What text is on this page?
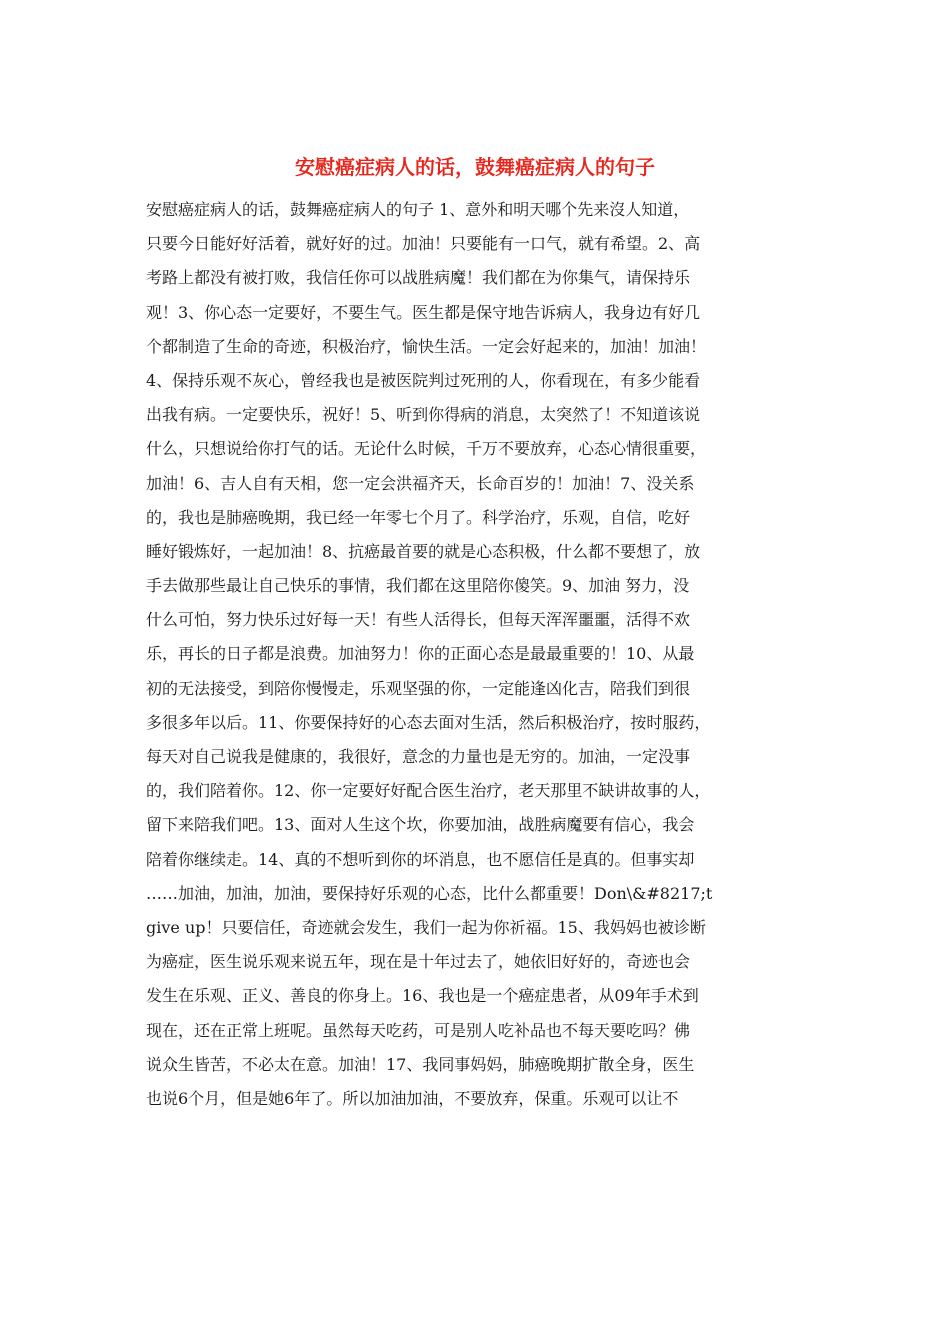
安慰癌症病人的话，鼓舞癌症病人的句子
安慰癌症病人的话，鼓舞癌症病人的句子 1、意外和明天哪个先来沒人知道，
只要今日能好好活着，就好好的过。加油！只要能有一口气，就有希望。2、高
考路上都没有被打败，我信任你可以战胜病魔！我们都在为你集气，请保持乐
观！3、你心态一定要好，不要生气。医生都是保守地告诉病人，我身边有好几
个都制造了生命的奇迹，积极治疗，愉快生活。一定会好起来的，加油！加油！
4、保持乐观不灰心，曾经我也是被医院判过死刑的人，你看现在，有多少能看
出我有病。一定要快乐，祝好！5、听到你得病的消息，太突然了！不知道该说
什么，只想说给你打气的话。无论什么时候，千万不要放弃，心态心情很重要，
加油！6、吉人自有天相，您一定会洪福齐天，长命百岁的！加油！7、没关系
的，我也是肺癌晚期，我已经一年零七个月了。科学治疗，乐观，自信，吃好
睡好锻炼好，一起加油！8、抗癌最首要的就是心态积极，什么都不要想了，放
手去做那些最让自己快乐的事情，我们都在这里陪你傻笑。9、加油 努力，没
什么可怕，努力快乐过好每一天！有些人活得长，但每天浑浑噩噩，活得不欢
乐，再长的日子都是浪费。加油努力！你的正面心态是最最重要的！10、从最
初的无法接受，到陪你慢慢走，乐观坚强的你，一定能逢凶化吉，陪我们到很
多很多年以后。11、你要保持好的心态去面对生活，然后积极治疗，按时服药，
每天对自己说我是健康的，我很好，意念的力量也是无穷的。加油，一定没事
的，我们陪着你。12、你一定要好好配合医生治疗，老天那里不缺讲故事的人，
留下来陪我们吧。13、面对人生这个坎，你要加油，战胜病魔要有信心，我会
陪着你继续走。14、真的不想听到你的坏消息，也不愿信任是真的。但事实却
……加油，加油，加油，要保持好乐观的心态，比什么都重要！Don\&#8217;t
give up！只要信任，奇迹就会发生，我们一起为你祈福。15、我妈妈也被诊断
为癌症，医生说乐观来说五年，现在是十年过去了，她依旧好好的，奇迹也会
发生在乐观、正义、善良的你身上。16、我也是一个癌症患者，从09年手术到
现在，还在正常上班呢。虽然每天吃药，可是别人吃补品也不每天要吃吗？佛
说众生皆苦，不必太在意。加油！17、我同事妈妈，肺癌晚期扩散全身，医生
也说6个月，但是她6年了。所以加油加油，不要放弃，保重。乐观可以让不
